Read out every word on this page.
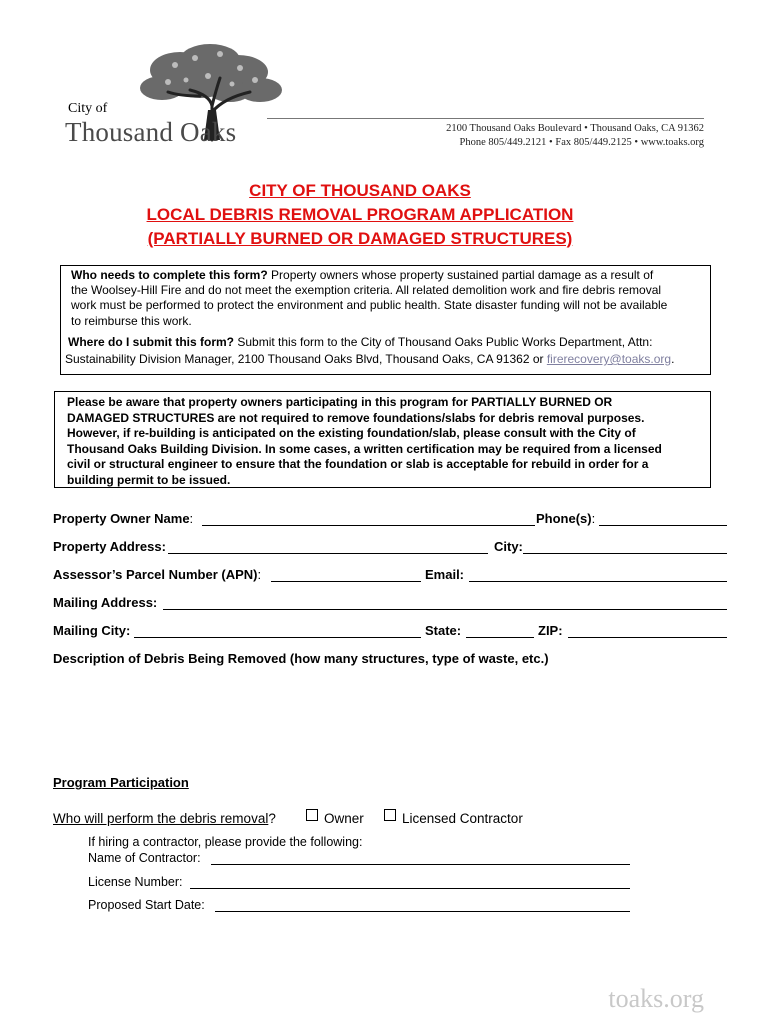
City of
Thousand Oaks	2100 Thousand Oaks Boulevard • Thousand Oaks, CA 91362
Phone 805/449.2121 • Fax 805/449.2125 • www.toaks.org
CITY OF THOUSAND OAKS
LOCAL DEBRIS REMOVAL PROGRAM APPLICATION
(PARTIALLY BURNED OR DAMAGED STRUCTURES)
Who needs to complete this form? Property owners whose property sustained partial damage as a result of
the Woolsey-Hill Fire and do not meet the exemption criteria. All related demolition work and fire debris removal
work must be performed to protect the environment and public health. State disaster funding will not be available
to reimburse this work.
Where do I submit this form? Submit this form to the City of Thousand Oaks Public Works Department, Attn:
Sustainability Division Manager, 2100 Thousand Oaks Blvd, Thousand Oaks, CA 91362 or firerecovery@toaks.org.
Please be aware that property owners participating in this program for PARTIALLY BURNED OR
DAMAGED STRUCTURES are not required to remove foundations/slabs for debris removal purposes.
However, if re-building is anticipated on the existing foundation/slab, please consult with the City of
Thousand Oaks Building Division. In some cases, a written certification may be required from a licensed
civil or structural engineer to ensure that the foundation or slab is acceptable for rebuild in order for a
building permit to be issued.
Property Owner Name:	Phone(s):
Property Address:	City:
Assessor’s Parcel Number (APN):	Email:
Mailing Address:
Mailing City:	State:	ZIP:
Description of Debris Being Removed (how many structures, type of waste, etc.)
Program Participation
Who will perform the debris removal?	Owner	Licensed Contractor
If hiring a contractor, please provide the following:
Name of Contractor:
License Number:
Proposed Start Date:
toaks.org
